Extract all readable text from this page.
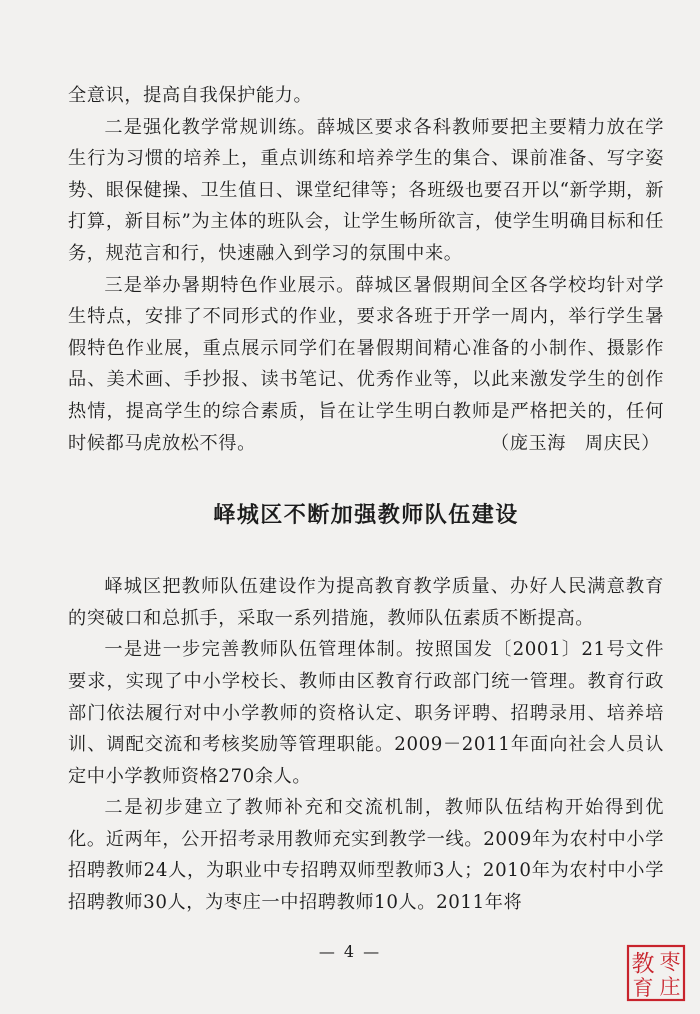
全意识，提高自我保护能力。

二是强化教学常规训练。薛城区要求各科教师要把主要精力放在学生行为习惯的培养上，重点训练和培养学生的集合、课前准备、写字姿势、眼保健操、卫生值日、课堂纪律等；各班级也要召开以“新学期，新打算，新目标”为主体的班队会，让学生畅所欲言，使学生明确目标和任务，规范言和行，快速融入到学习的氛围中来。

三是举办暑期特色作业展示。薛城区暑假期间全区各学校均针对学生特点，安排了不同形式的作业，要求各班于开学一周内，举行学生暑假特色作业展，重点展示同学们在暑假期间精心准备的小制作、摄影作品、美术画、手抄报、读书笔记、优秀作业等，以此来激发学生的创作热情，提高学生的综合素质，旨在让学生明白教师是严格把关的，任何时候都马虎放松不得。	（庞玉海　周庆民）
峄城区不断加强教师队伍建设

峄城区把教师队伍建设作为提高教育教学质量、办好人民满意教育的突破口和总抓手，采取一系列措施，教师队伍素质不断提高。

一是进一步完善教师队伍管理体制。按照国发〔2001〕21号文件要求，实现了中小学校长、教师由区教育行政部门统一管理。教育行政部门依法履行对中小学教师的资格认定、职务评聘、招聘录用、培养培训、调配交流和考核奖励等管理职能。2009－2011年面向社会人员认定中小学教师资格270余人。

二是初步建立了教师补充和交流机制，教师队伍结构开始得到优化。近两年，公开招考录用教师充实到教学一线。2009年为农村中小学招聘教师24人，为职业中专招聘双师型教师3人；2010年为农村中小学招聘教师30人，为枣庄一中招聘教师10人。2011年将

— 4 —	枣
庄
教
育
